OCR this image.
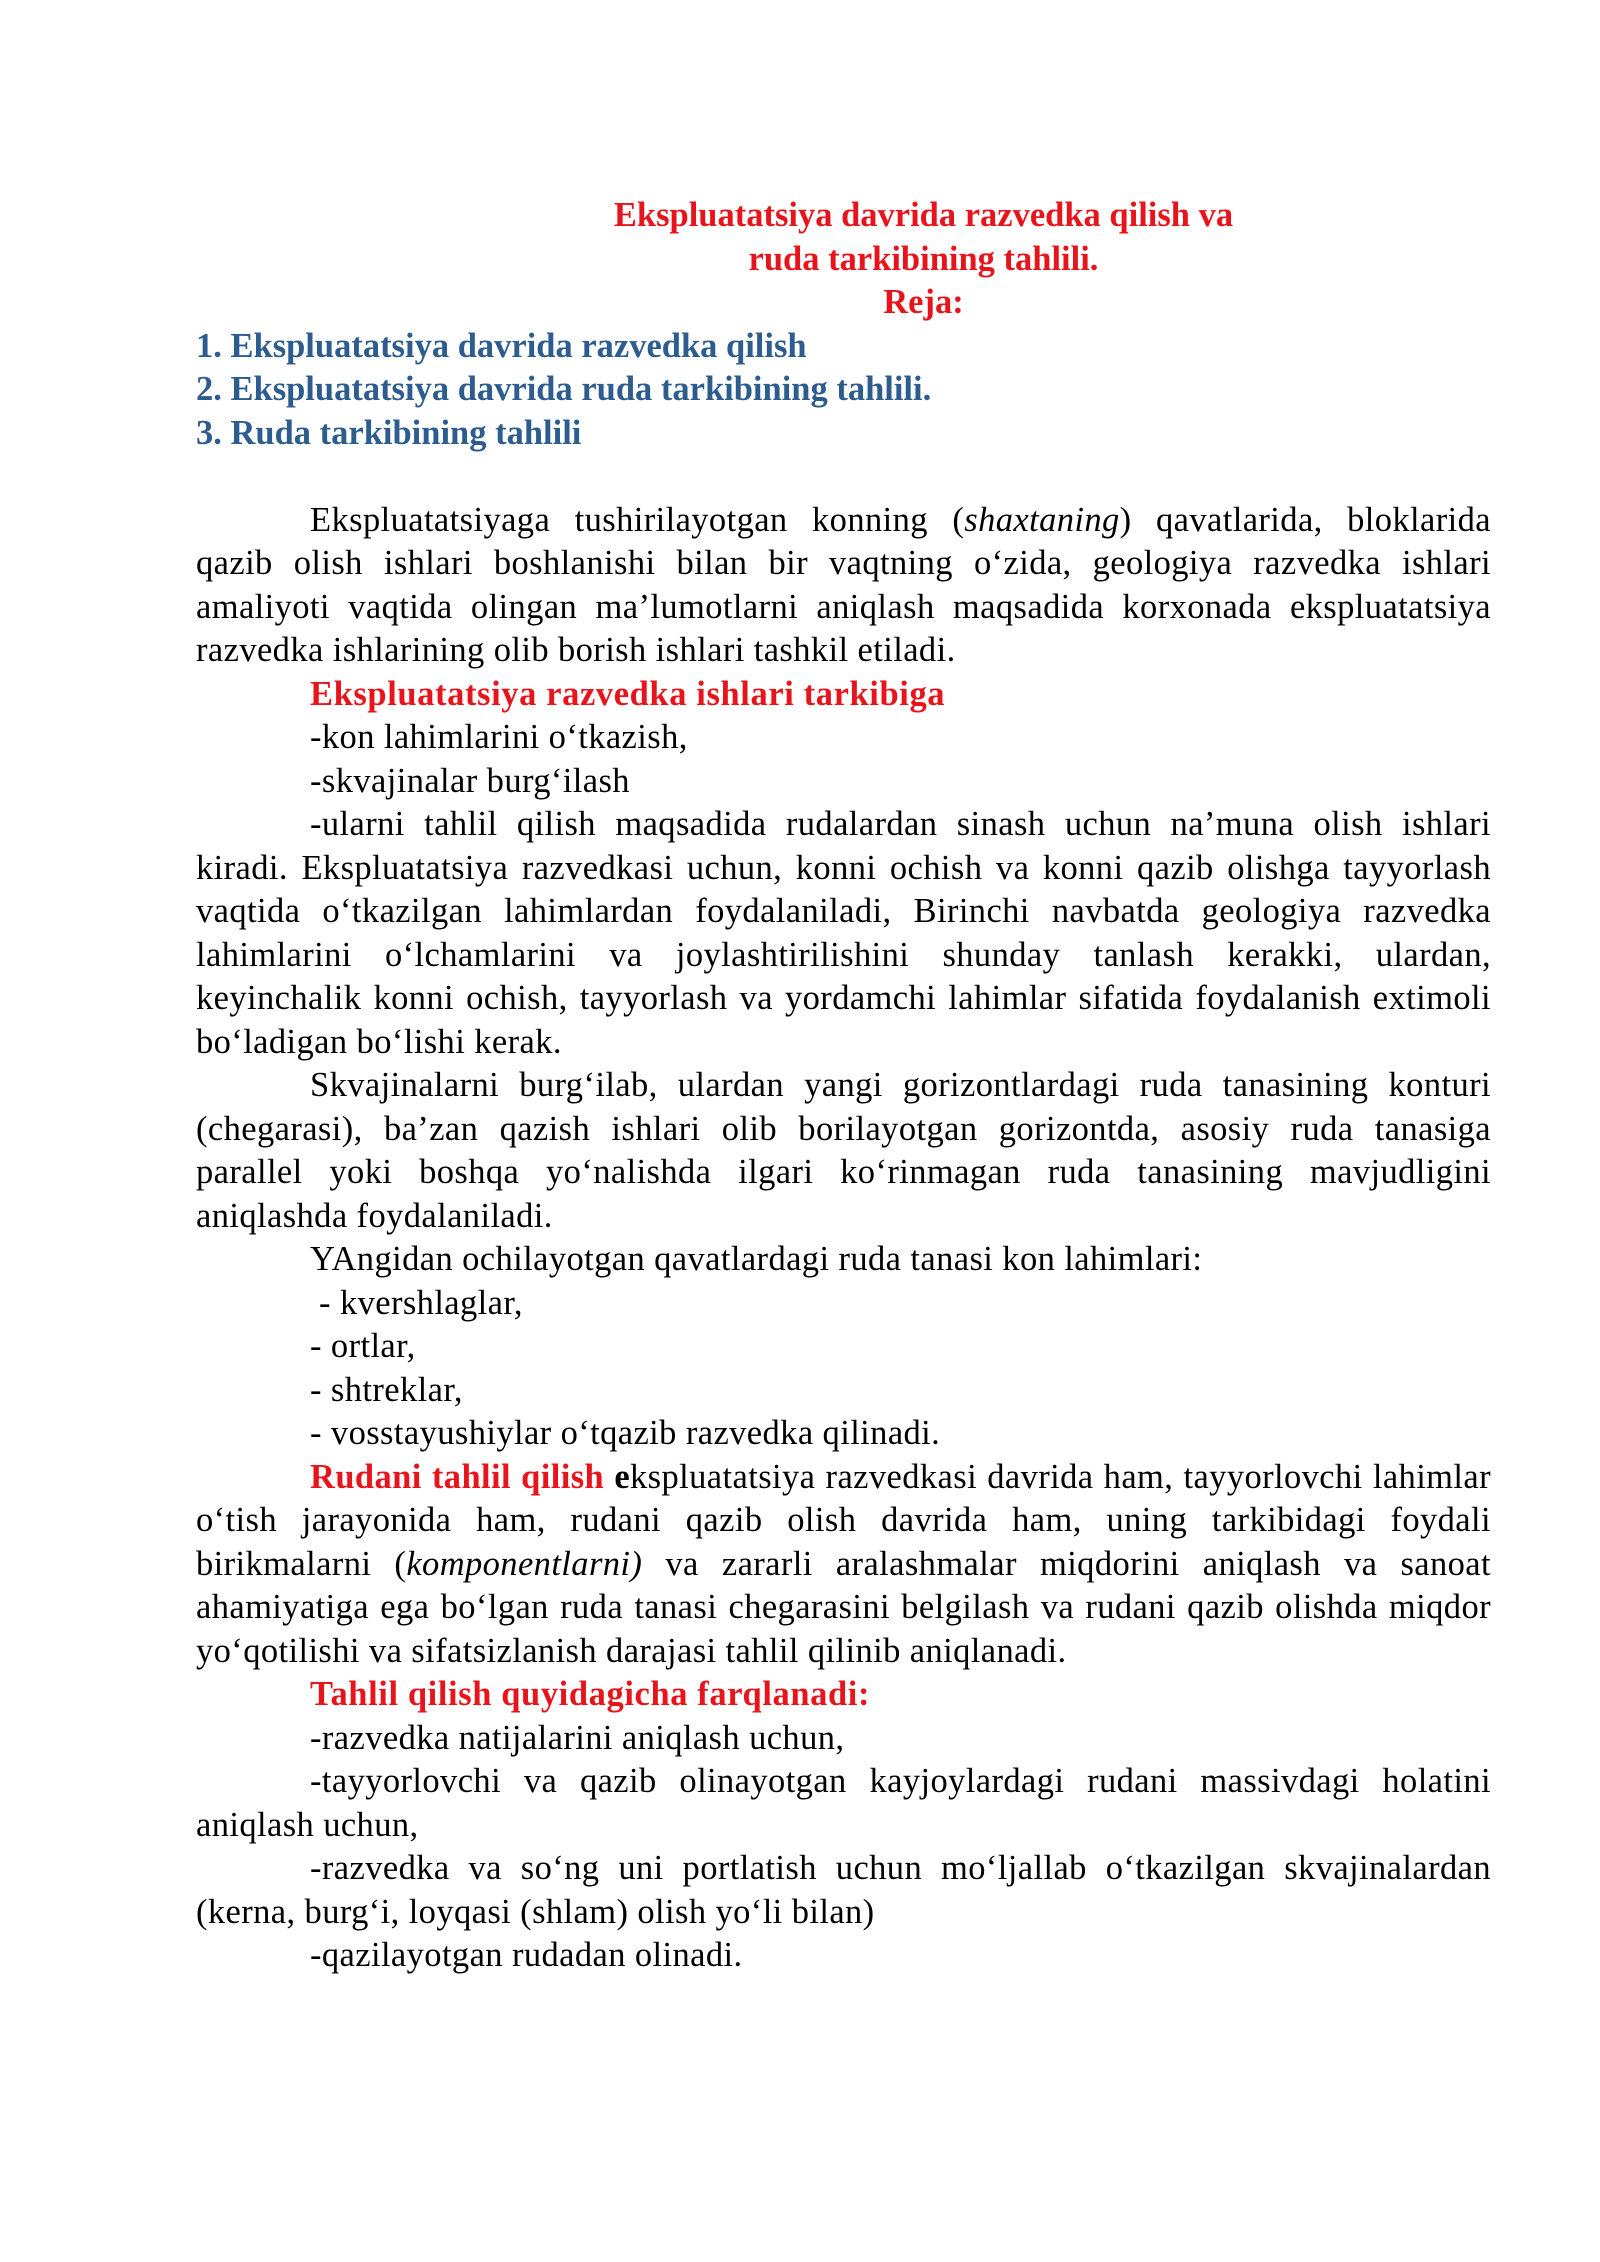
Ekspluatatsiya davrida razvedka qilish va

ruda tarkibining tahlili.

Reja:

1. Ekspluatatsiya davrida razvedka qilish

2. Ekspluatatsiya davrida ruda tarkibining tahlili.

3. Ruda tarkibining tahlili

Ekspluatatsiyaga tushirilayotgan konning (shaxtaning) qavatlarida, bloklarida qazib olish ishlari boshlanishi bilan bir vaqtning o‘zida, geologiya razvedka ishlari amaliyoti vaqtida olingan ma’lumotlarni aniqlash maqsadida korxonada ekspluatatsiya razvedka ishlarining olib borish ishlari tashkil etiladi.

Ekspluatatsiya razvedka ishlari tarkibiga

-kon lahimlarini o‘tkazish,

-skvajinalar burg‘ilash

-ularni tahlil qilish maqsadida rudalardan sinash uchun na’muna olish ishlari kiradi. Ekspluatatsiya razvedkasi uchun, konni ochish va konni qazib olishga tayyorlash vaqtida o‘tkazilgan lahimlardan foydalaniladi, Birinchi navbatda geologiya razvedka lahimlarini o‘lchamlarini va joylashtirilishini shunday tanlash kerakki, ulardan, keyinchalik konni ochish, tayyorlash va yordamchi lahimlar sifatida foydalanish extimoli bo‘ladigan bo‘lishi kerak.

Skvajinalarni burg‘ilab, ulardan yangi gorizontlardagi ruda tanasining konturi (chegarasi), ba’zan qazish ishlari olib borilayotgan gorizontda, asosiy ruda tanasiga parallel yoki boshqa yo‘nalishda ilgari ko‘rinmagan ruda tanasining mavjudligini aniqlashda foydalaniladi.

YAngidan ochilayotgan qavatlardagi ruda tanasi kon lahimlari:

- kvershlaglar,

- ortlar,

- shtreklar,

- vosstayushiylar o‘tqazib razvedka qilinadi.

Rudani tahlil qilish ekspluatatsiya razvedkasi davrida ham, tayyorlovchi lahimlar o‘tish jarayonida ham, rudani qazib olish davrida ham, uning tarkibidagi foydali birikmalarni (komponentlarni) va zararli aralashmalar miqdorini aniqlash va sanoat ahamiyatiga ega bo‘lgan ruda tanasi chegarasini belgilash va rudani qazib olishda miqdor yo‘qotilishi va sifatsizlanish darajasi tahlil qilinib aniqlanadi.

Tahlil qilish quyidagicha farqlanadi:

-razvedka natijalarini aniqlash uchun,

-tayyorlovchi va qazib olinayotgan kayjoylardagi rudani massivdagi holatini aniqlash uchun,

-razvedka va so‘ng uni portlatish uchun mo‘ljallab o‘tkazilgan skvajinalardan (kerna, burg‘i, loyqasi (shlam) olish yo‘li bilan)

-qazilayotgan rudadan olinadi.
